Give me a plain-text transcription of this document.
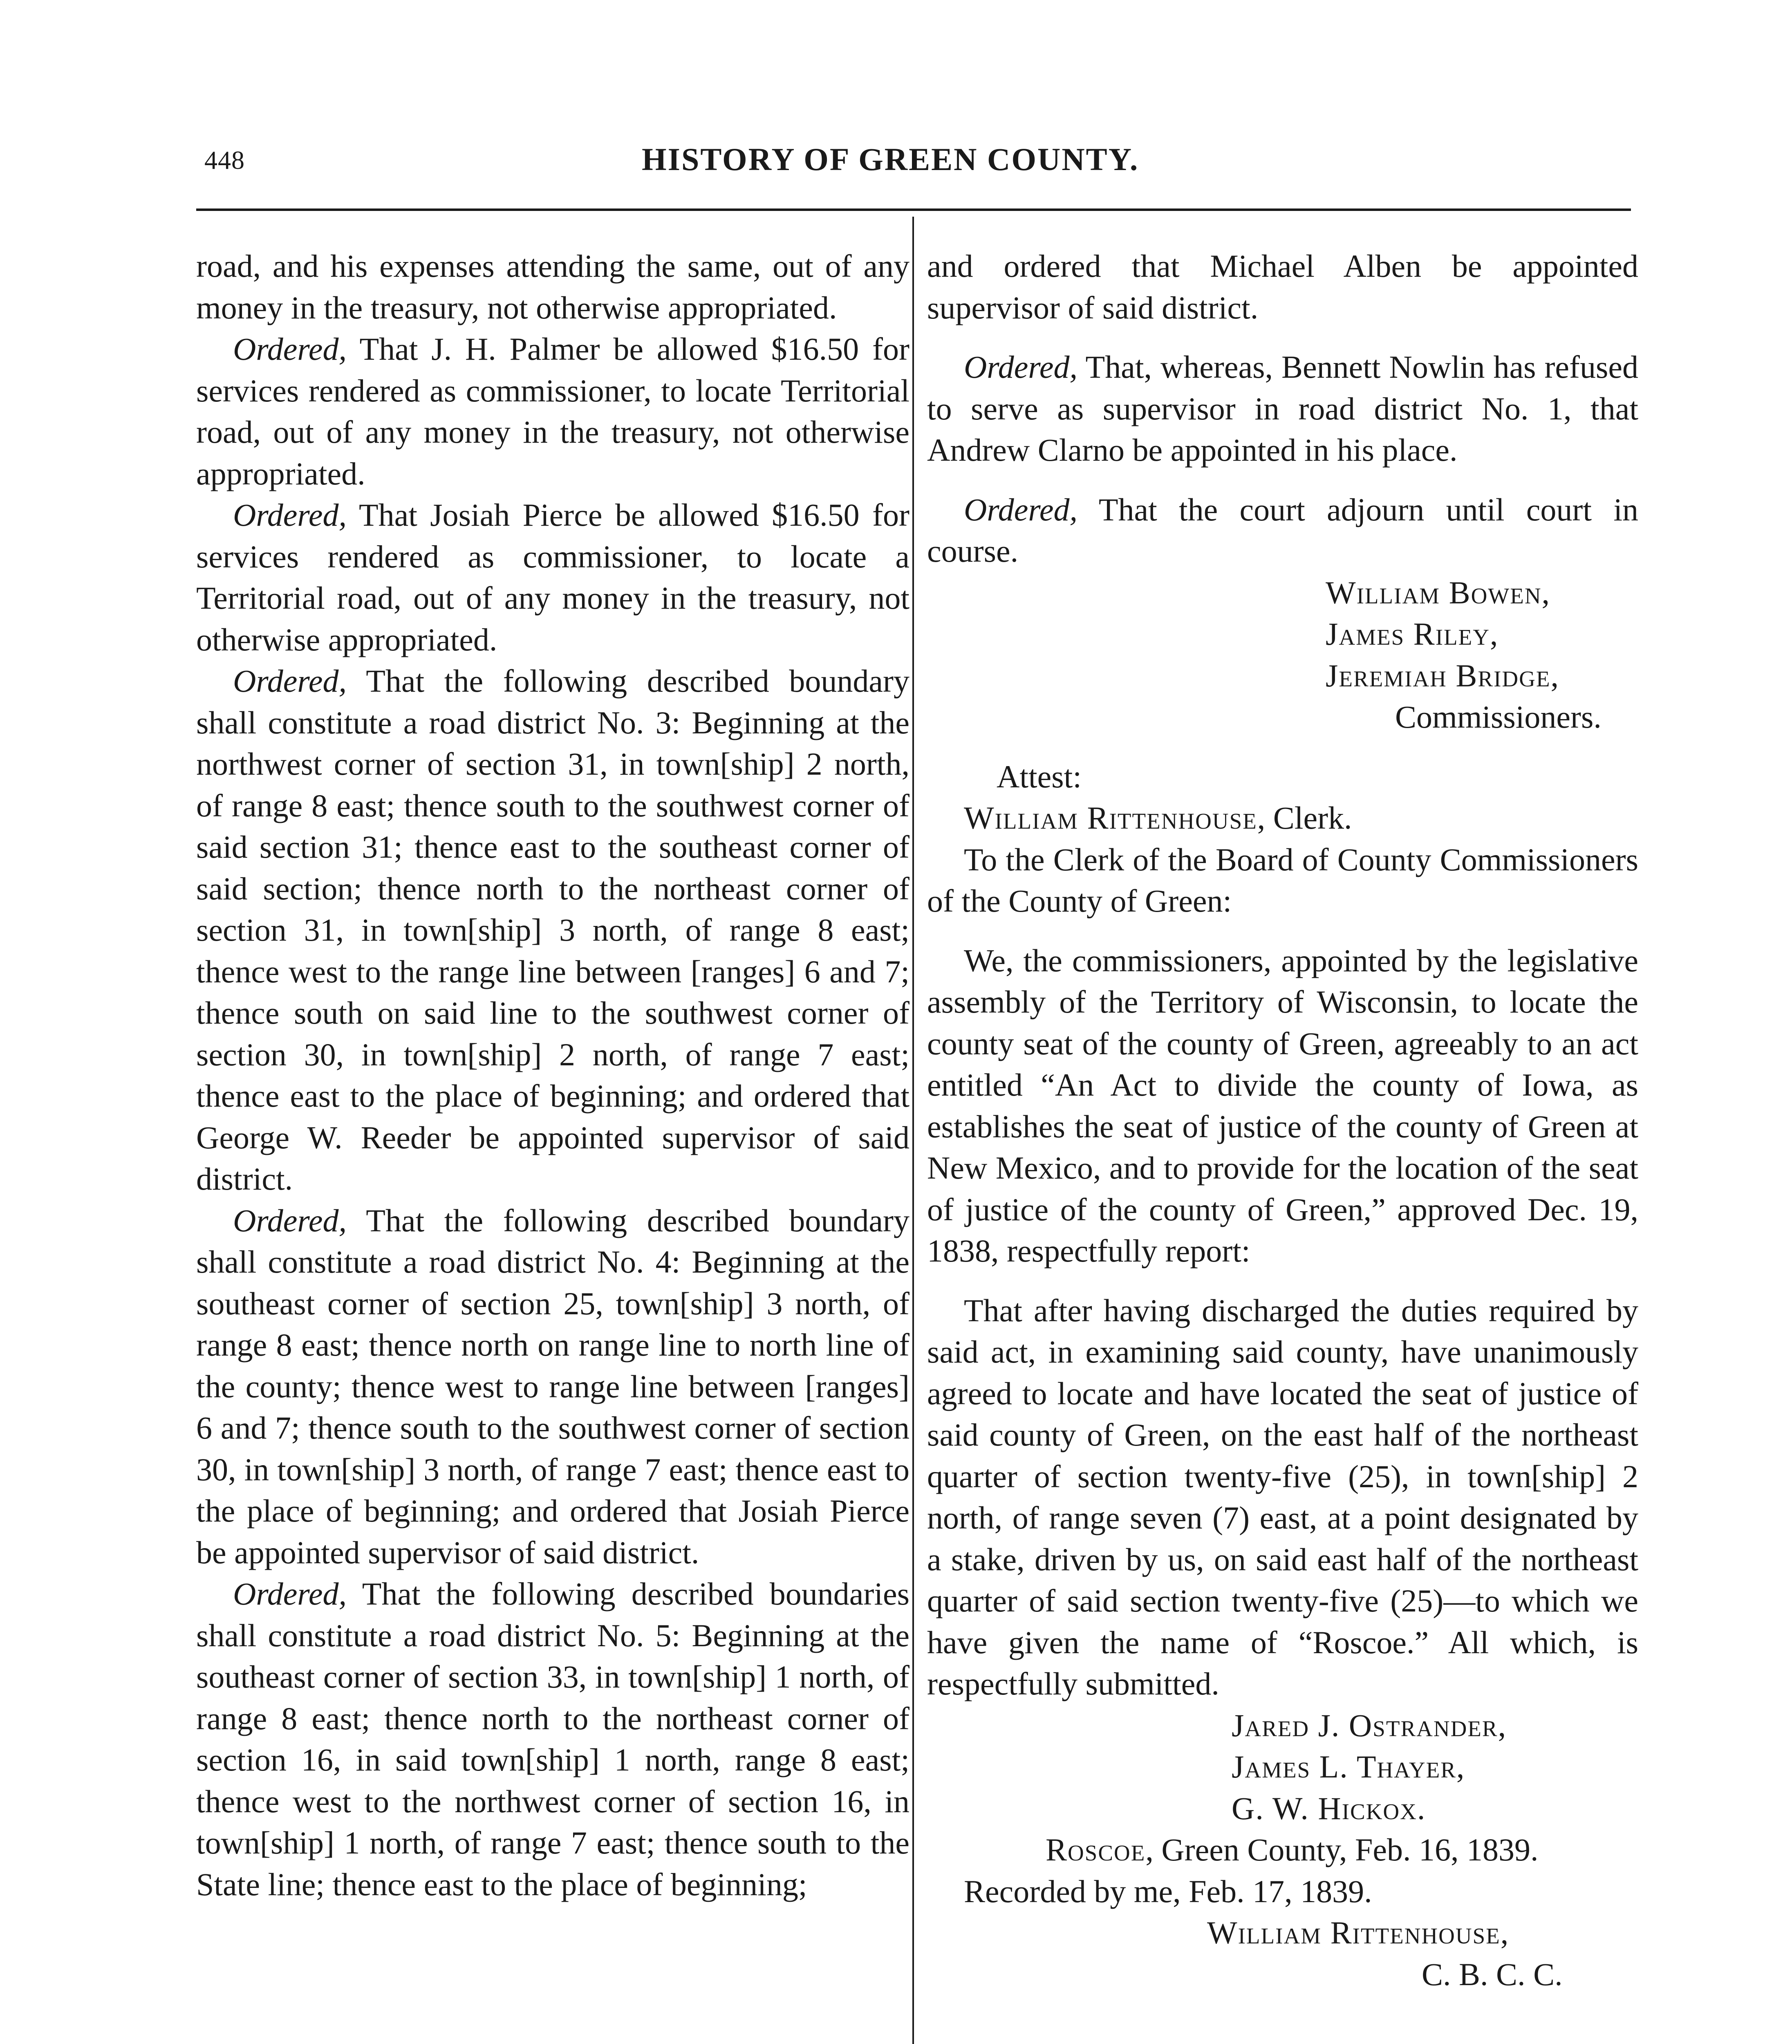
448	HISTORY OF GREEN COUNTY.

road, and his expenses attending the same, out of any money in the treasury, not otherwise appropriated.

Ordered, That J. H. Palmer be allowed $16.50 for services rendered as commissioner, to locate Territorial road, out of any money in the treasury, not otherwise appropriated.

Ordered, That Josiah Pierce be allowed $16.50 for services rendered as commissioner, to locate a Territorial road, out of any money in the treasury, not otherwise appropriated.

Ordered, That the following described boundary shall constitute a road district No. 3: Beginning at the northwest corner of section 31, in town[ship] 2 north, of range 8 east; thence south to the southwest corner of said section 31; thence east to the southeast corner of said section; thence north to the northeast corner of section 31, in town[ship] 3 north, of range 8 east; thence west to the range line between [ranges] 6 and 7; thence south on said line to the southwest corner of section 30, in town[ship] 2 north, of range 7 east; thence east to the place of beginning; and ordered that George W. Reeder be appointed supervisor of said district.

Ordered, That the following described boundary shall constitute a road district No. 4: Beginning at the southeast corner of section 25, town[ship] 3 north, of range 8 east; thence north on range line to north line of the county; thence west to range line between [ranges] 6 and 7; thence south to the southwest corner of section 30, in town[ship] 3 north, of range 7 east; thence east to the place of beginning; and ordered that Josiah Pierce be appointed supervisor of said district.

Ordered, That the following described boundaries shall constitute a road district No. 5: Beginning at the southeast corner of section 33, in town[ship] 1 north, of range 8 east; thence north to the northeast corner of section 16, in said town[ship] 1 north, range 8 east; thence west to the northwest corner of section 16, in town[ship] 1 north, of range 7 east; thence south to the State line; thence east to the place of beginning;

and ordered that Michael Alben be appointed supervisor of said district.

Ordered, That, whereas, Bennett Nowlin has refused to serve as supervisor in road district No. 1, that Andrew Clarno be appointed in his place.

Ordered, That the court adjourn until court in course.

William Bowen,
James Riley,
Jeremiah Bridge,
Commissioners.
Attest:
William Rittenhouse, Clerk.

To the Clerk of the Board of County Commissioners of the County of Green:

We, the commissioners, appointed by the legislative assembly of the Territory of Wisconsin, to locate the county seat of the county of Green, agreeably to an act entitled “An Act to divide the county of Iowa, as establishes the seat of justice of the county of Green at New Mexico, and to provide for the location of the seat of justice of the county of Green,” approved Dec. 19, 1838, respectfully report:

That after having discharged the duties required by said act, in examining said county, have unanimously agreed to locate and have located the seat of justice of said county of Green, on the east half of the northeast quarter of section twenty-five (25), in town[ship] 2 north, of range seven (7) east, at a point designated by a stake, driven by us, on said east half of the northeast quarter of said section twenty-five (25)—to which we have given the name of “Roscoe.” All which, is respectfully submitted.

Jared J. Ostrander,
James L. Thayer,
G. W. Hickox.
Roscoe, Green County, Feb. 16, 1839.
Recorded by me, Feb. 17, 1839.
William Rittenhouse,
C. B. C. C.
